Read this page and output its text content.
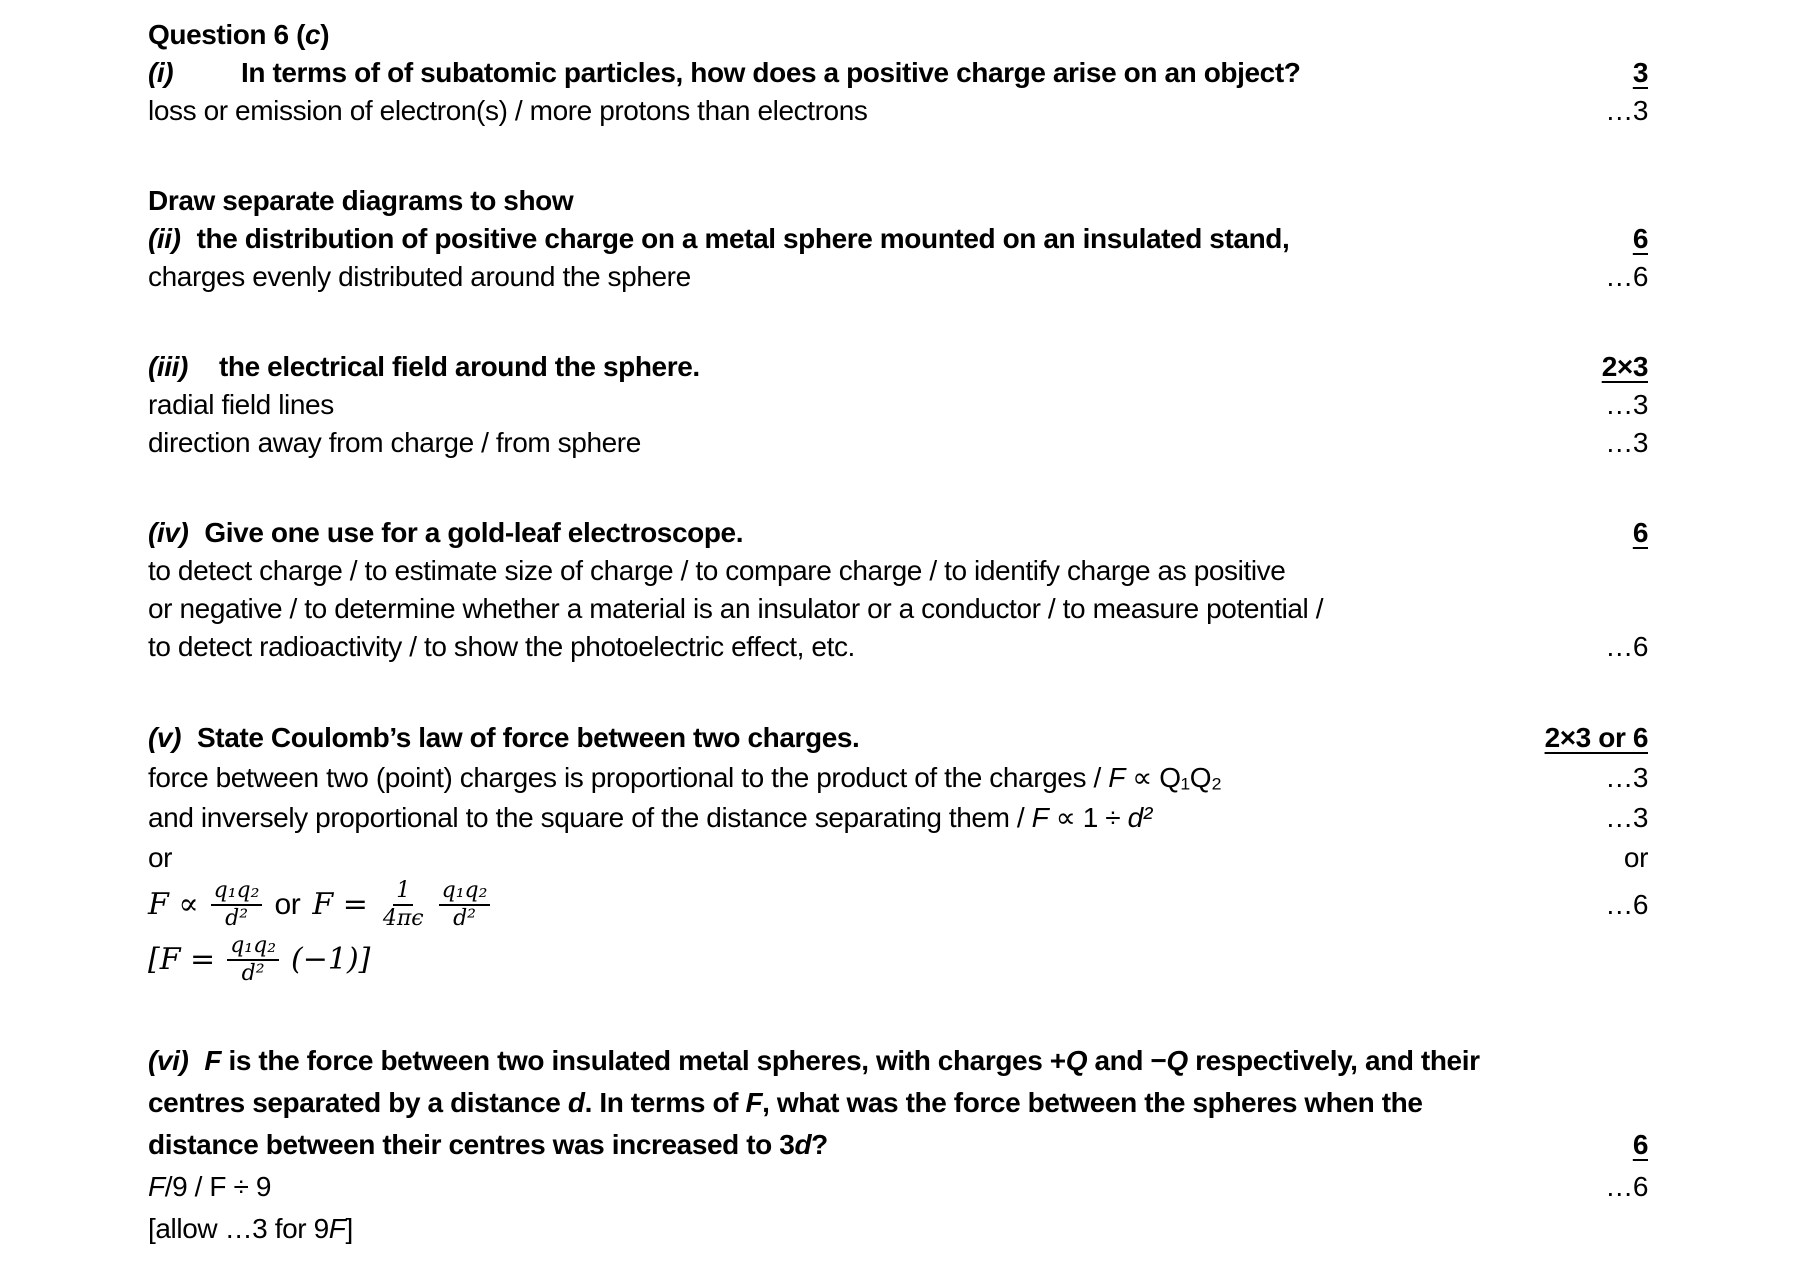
Question 6 (c)
(i)	In terms of of subatomic particles, how does a positive charge arise on an object?	3
loss or emission of electron(s) / more protons than electrons	…3
Draw separate diagrams to show
(ii) the distribution of positive charge on a metal sphere mounted on an insulated stand,	6
charges evenly distributed around the sphere	…6
(iii)	the electrical field around the sphere.	2×3
radial field lines	…3
direction away from charge / from sphere	…3
(iv) Give one use for a gold-leaf electroscope.	6
to detect charge / to estimate size of charge / to compare charge / to identify charge as positive
or negative / to determine whether a material is an insulator or a conductor / to measure potential /
to detect radioactivity / to show the photoelectric effect, etc.	…6
(v) State Coulomb’s law of force between two charges.	2×3 or 6
force between two (point) charges is proportional to the product of the charges / F ∝ Q₁Q₂	…3
and inversely proportional to the square of the distance separating them / F ∝ 1 ÷ d²	…3
or	or
$F \propto \frac{\text{q₁q₂}}{\text{d²}}$ or $F = \frac{1}{4\pi\epsilon} \frac{\text{q₁q₂}}{\text{d²}}$	…6
$[F = \frac{\text{q₁q₂}}{\text{d²}} (-1)]$
(vi) F is the force between two insulated metal spheres, with charges +Q and −Q respectively, and their
centres separated by a distance d. In terms of F, what was the force between the spheres when the
distance between their centres was increased to 3d?	6
F/9 / F ÷ 9	…6
[allow …3 for 9F]
